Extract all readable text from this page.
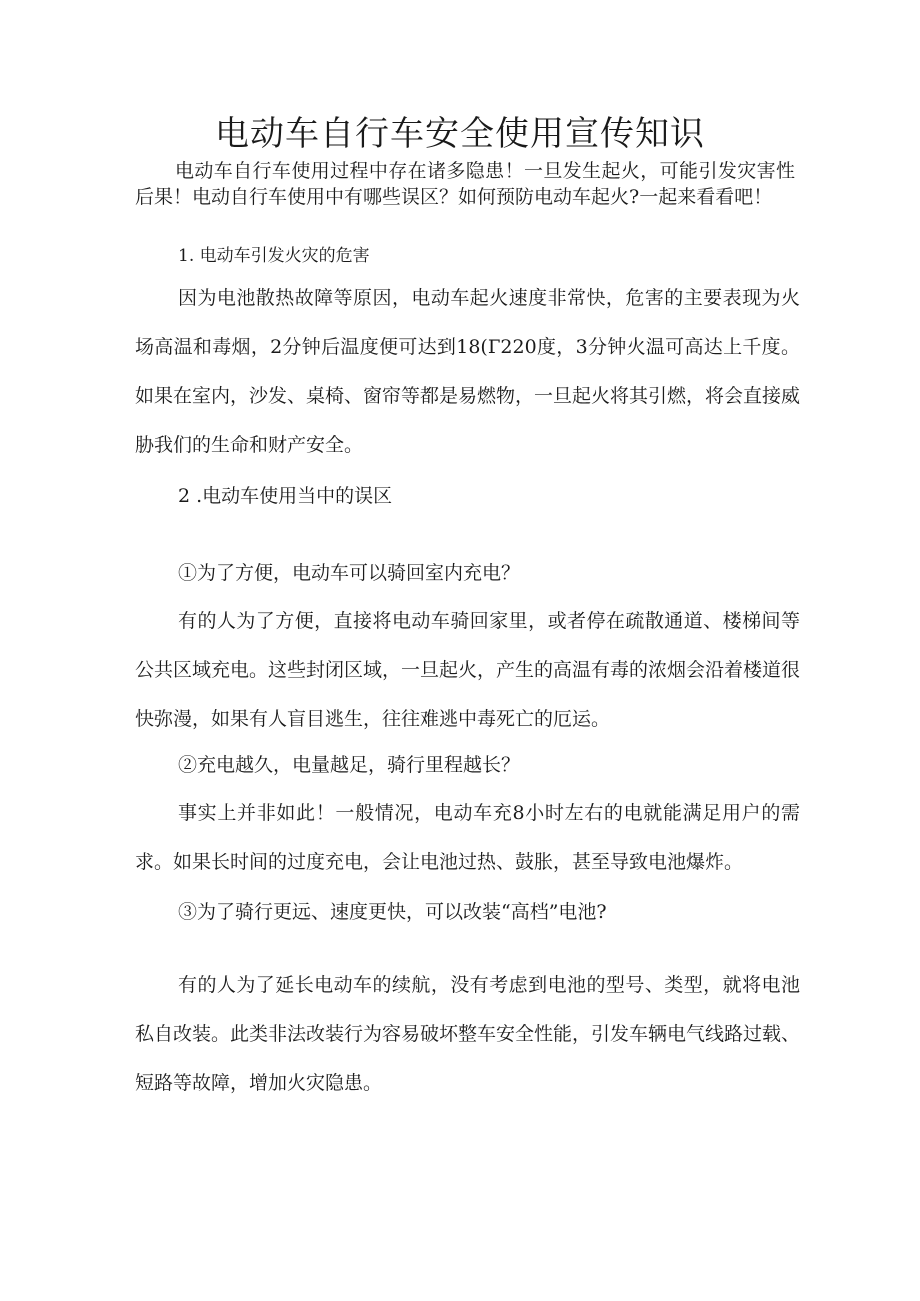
电动车自行车安全使用宣传知识

电动车自行车使用过程中存在诸多隐患！一旦发生起火，可能引发灾害性后果！电动自行车使用中有哪些误区？如何预防电动车起火?一起来看看吧！

1. 电动车引发火灾的危害

因为电池散热故障等原因，电动车起火速度非常快，危害的主要表现为火场高温和毒烟，2分钟后温度便可达到18(Г220度，3分钟火温可高达上千度。如果在室内，沙发、桌椅、窗帘等都是易燃物，一旦起火将其引燃，将会直接威胁我们的生命和财产安全。

2 .电动车使用当中的误区

①为了方便，电动车可以骑回室内充电？

有的人为了方便，直接将电动车骑回家里，或者停在疏散通道、楼梯间等公共区域充电。这些封闭区域，一旦起火，产生的高温有毒的浓烟会沿着楼道很快弥漫，如果有人盲目逃生，往往难逃中毒死亡的厄运。

②充电越久，电量越足，骑行里程越长？

事实上并非如此！一般情况，电动车充8小时左右的电就能满足用户的需求。如果长时间的过度充电，会让电池过热、鼓胀，甚至导致电池爆炸。

③为了骑行更远、速度更快，可以改装“高档”电池?

有的人为了延长电动车的续航，没有考虑到电池的型号、类型，就将电池私自改装。此类非法改装行为容易破坏整车安全性能，引发车辆电气线路过载、短路等故障，增加火灾隐患。
